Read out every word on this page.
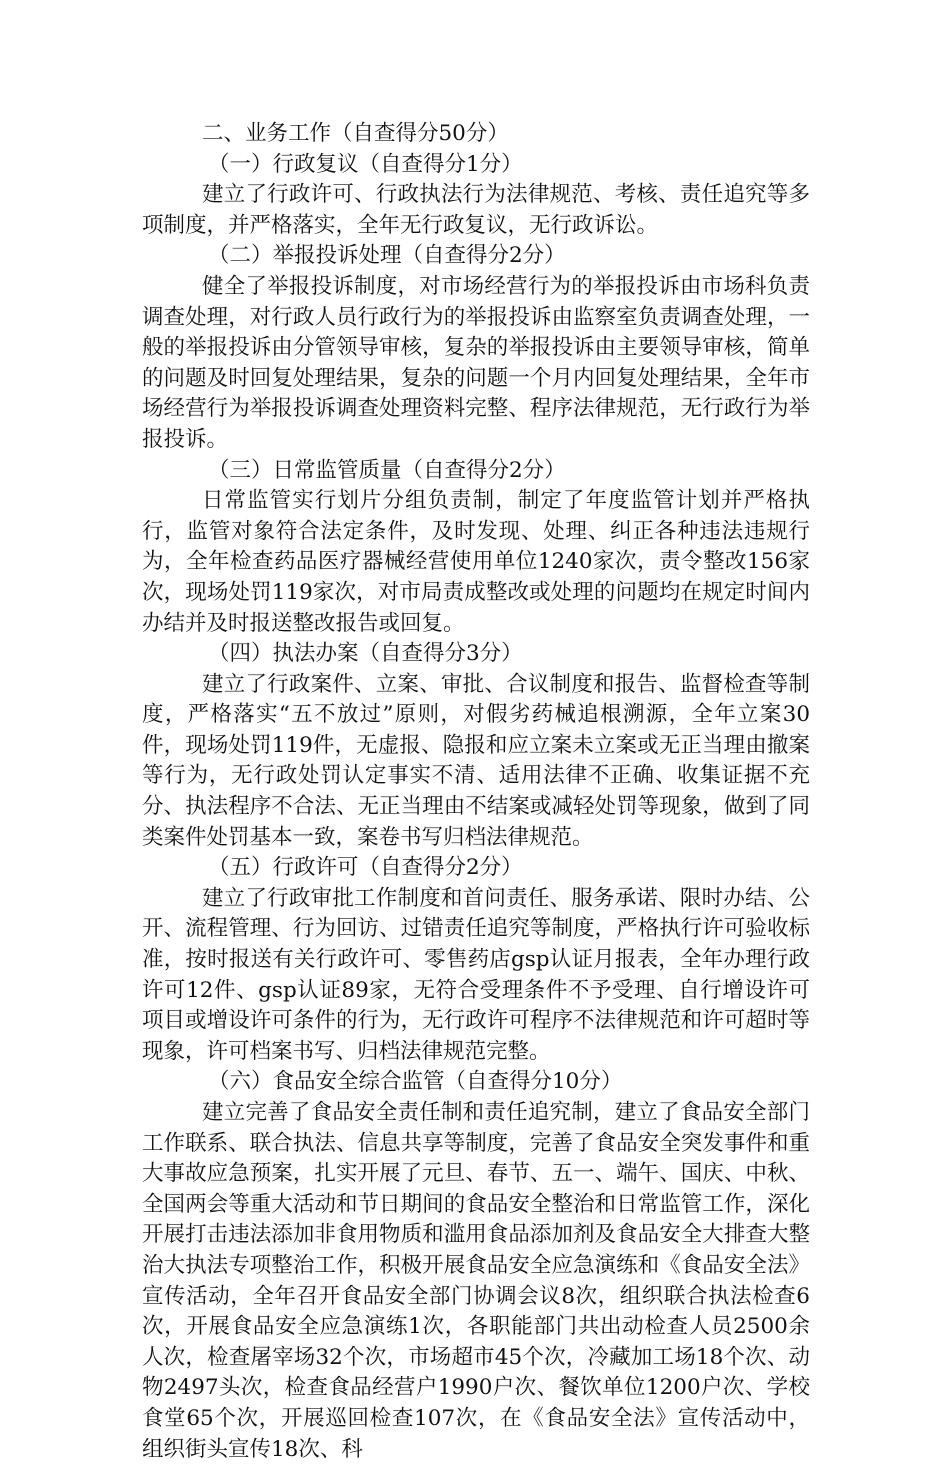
二、业务工作（自查得分50分）

（一）行政复议（自查得分1分）

建立了行政许可、行政执法行为法律规范、考核、责任追究等多项制度，并严格落实，全年无行政复议，无行政诉讼。

（二）举报投诉处理（自查得分2分）

健全了举报投诉制度，对市场经营行为的举报投诉由市场科负责调查处理，对行政人员行政行为的举报投诉由监察室负责调查处理，一般的举报投诉由分管领导审核，复杂的举报投诉由主要领导审核，简单的问题及时回复处理结果，复杂的问题一个月内回复处理结果，全年市场经营行为举报投诉调查处理资料完整、程序法律规范，无行政行为举报投诉。

（三）日常监管质量（自查得分2分）

日常监管实行划片分组负责制，制定了年度监管计划并严格执行，监管对象符合法定条件，及时发现、处理、纠正各种违法违规行为，全年检查药品医疗器械经营使用单位1240家次，责令整改156家次，现场处罚119家次，对市局责成整改或处理的问题均在规定时间内办结并及时报送整改报告或回复。

（四）执法办案（自查得分3分）

建立了行政案件、立案、审批、合议制度和报告、监督检查等制度，严格落实“五不放过”原则，对假劣药械追根溯源，全年立案30件，现场处罚119件，无虚报、隐报和应立案未立案或无正当理由撤案等行为，无行政处罚认定事实不清、适用法律不正确、收集证据不充分、执法程序不合法、无正当理由不结案或减轻处罚等现象，做到了同类案件处罚基本一致，案卷书写归档法律规范。

（五）行政许可（自查得分2分）

建立了行政审批工作制度和首问责任、服务承诺、限时办结、公开、流程管理、行为回访、过错责任追究等制度，严格执行许可验收标准，按时报送有关行政许可、零售药店gsp认证月报表，全年办理行政许可12件、gsp认证89家，无符合受理条件不予受理、自行增设许可项目或增设许可条件的行为，无行政许可程序不法律规范和许可超时等现象，许可档案书写、归档法律规范完整。

（六）食品安全综合监管（自查得分10分）

建立完善了食品安全责任制和责任追究制，建立了食品安全部门工作联系、联合执法、信息共享等制度，完善了食品安全突发事件和重大事故应急预案，扎实开展了元旦、春节、五一、端午、国庆、中秋、全国两会等重大活动和节日期间的食品安全整治和日常监管工作，深化开展打击违法添加非食用物质和滥用食品添加剂及食品安全大排查大整治大执法专项整治工作，积极开展食品安全应急演练和《食品安全法》宣传活动，全年召开食品安全部门协调会议8次，组织联合执法检查6次，开展食品安全应急演练1次，各职能部门共出动检查人员2500余人次，检查屠宰场32个次，市场超市45个次，冷藏加工场18个次、动物2497头次，检查食品经营户1990户次、餐饮单位1200户次、学校食堂65个次，开展巡回检查107次，在《食品安全法》宣传活动中，组织街头宣传18次、科
